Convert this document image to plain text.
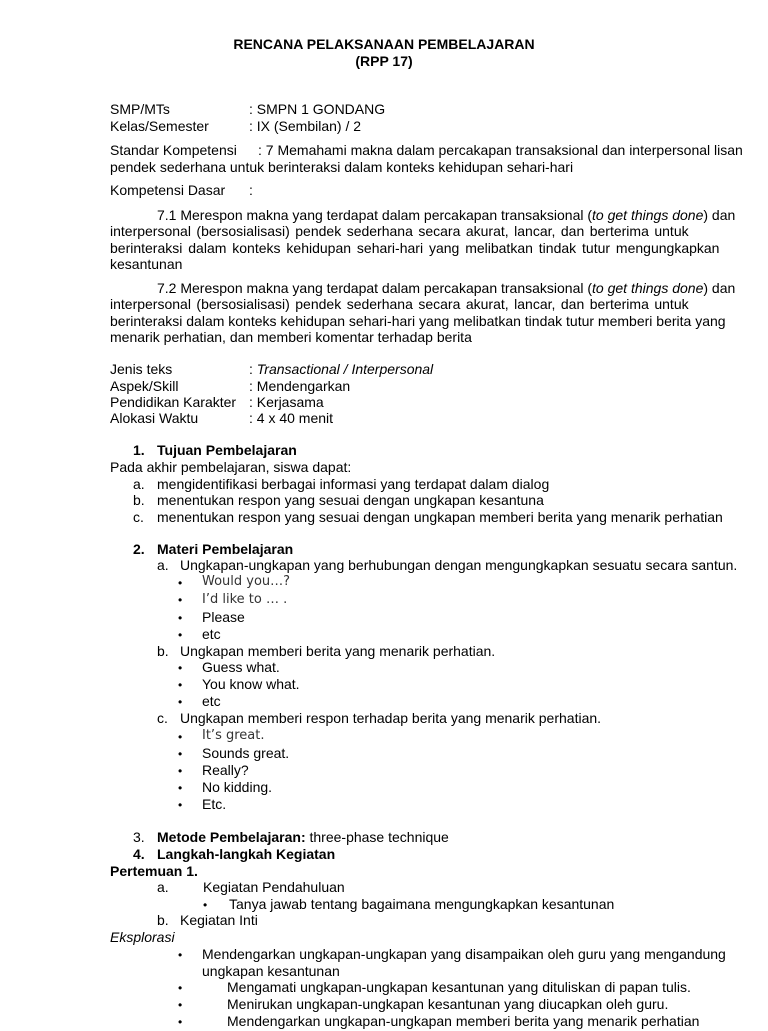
RENCANA PELAKSANAAN PEMBELAJARAN
(RPP 17)
SMP/MTs	: SMPN 1 GONDANG
Kelas/Semester	: IX (Sembilan) / 2
Standar Kompetensi : 7 Memahami makna dalam percakapan transaksional dan interpersonal lisan
pendek sederhana untuk berinteraksi dalam konteks kehidupan sehari-hari
Kompetensi Dasar :
7.1 Merespon makna yang terdapat dalam percakapan transaksional (to get things done) dan
interpersonal (bersosialisasi) pendek sederhana secara akurat, lancar, dan berterima untuk
berinteraksi dalam konteks kehidupan sehari-hari yang melibatkan tindak tutur mengungkapkan
kesantunan
7.2 Merespon makna yang terdapat dalam percakapan transaksional (to get things done) dan
interpersonal (bersosialisasi) pendek sederhana secara akurat, lancar, dan berterima untuk
berinteraksi dalam konteks kehidupan sehari-hari yang melibatkan tindak tutur memberi berita yang
menarik perhatian, dan memberi komentar terhadap berita
Jenis teks	: Transactional / Interpersonal
Aspek/Skill	: Mendengarkan
Pendidikan Karakter : Kerjasama
Alokasi Waktu	: 4 x 40 menit
1. Tujuan Pembelajaran
Pada akhir pembelajaran, siswa dapat:
a. mengidentifikasi berbagai informasi yang terdapat dalam dialog
b. menentukan respon yang sesuai dengan ungkapan kesantuna
c. menentukan respon yang sesuai dengan ungkapan memberi berita yang menarik perhatian
2. Materi Pembelajaran
a. Ungkapan-ungkapan yang berhubungan dengan mengungkapkan sesuatu secara santun.
• Would you…?
• I’d like to … .
• Please
• etc
b. Ungkapan memberi berita yang menarik perhatian.
• Guess what.
• You know what.
• etc
c. Ungkapan memberi respon terhadap berita yang menarik perhatian.
• It’s great.
• Sounds great.
• Really?
• No kidding.
• Etc.
3. Metode Pembelajaran: three-phase technique
4. Langkah-langkah Kegiatan
Pertemuan 1.
a. Kegiatan Pendahuluan
• Tanya jawab tentang bagaimana mengungkapkan kesantunan
b. Kegiatan Inti
Eksplorasi
• Mendengarkan ungkapan-ungkapan yang disampaikan oleh guru yang mengandung
ungkapan kesantunan
•	Mengamati ungkapan-ungkapan kesantunan yang dituliskan di papan tulis.
•	Menirukan ungkapan-ungkapan kesantunan yang diucapkan oleh guru.
•	Mendengarkan ungkapan-ungkapan memberi berita yang menarik perhatian
